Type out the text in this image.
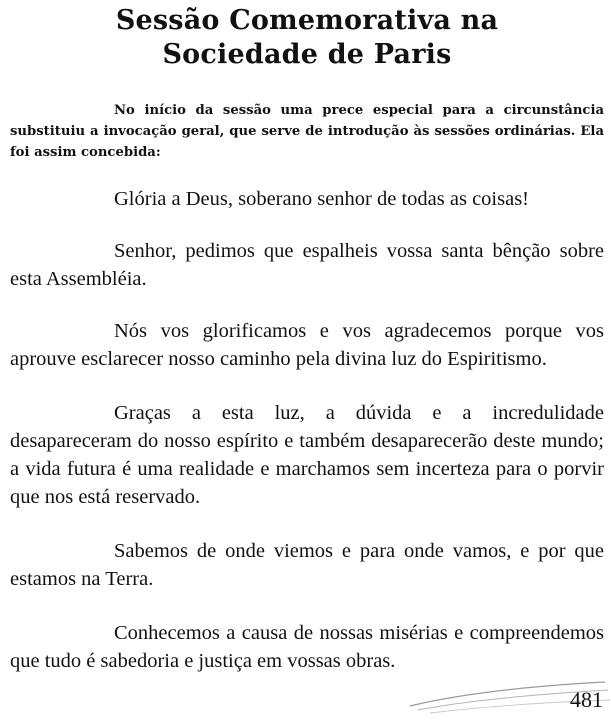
Sessão Comemorativa na
Sociedade de Paris

No início da sessão uma prece especial para a circunstância substituiu a invocação geral, que serve de introdução às sessões ordinárias. Ela foi assim concebida:

Glória a Deus, soberano senhor de todas as coisas!

Senhor, pedimos que espalheis vossa santa bênção sobre esta Assembléia.

Nós vos glorificamos e vos agradecemos porque vos aprouve esclarecer nosso caminho pela divina luz do Espiritismo.

Graças a esta luz, a dúvida e a incredulidade desapareceram do nosso espírito e também desaparecerão deste mundo; a vida futura é uma realidade e marchamos sem incerteza para o porvir que nos está reservado.

Sabemos de onde viemos e para onde vamos, e por que estamos na Terra.

Conhecemos a causa de nossas misérias e compreendemos que tudo é sabedoria e justiça em vossas obras.

481
